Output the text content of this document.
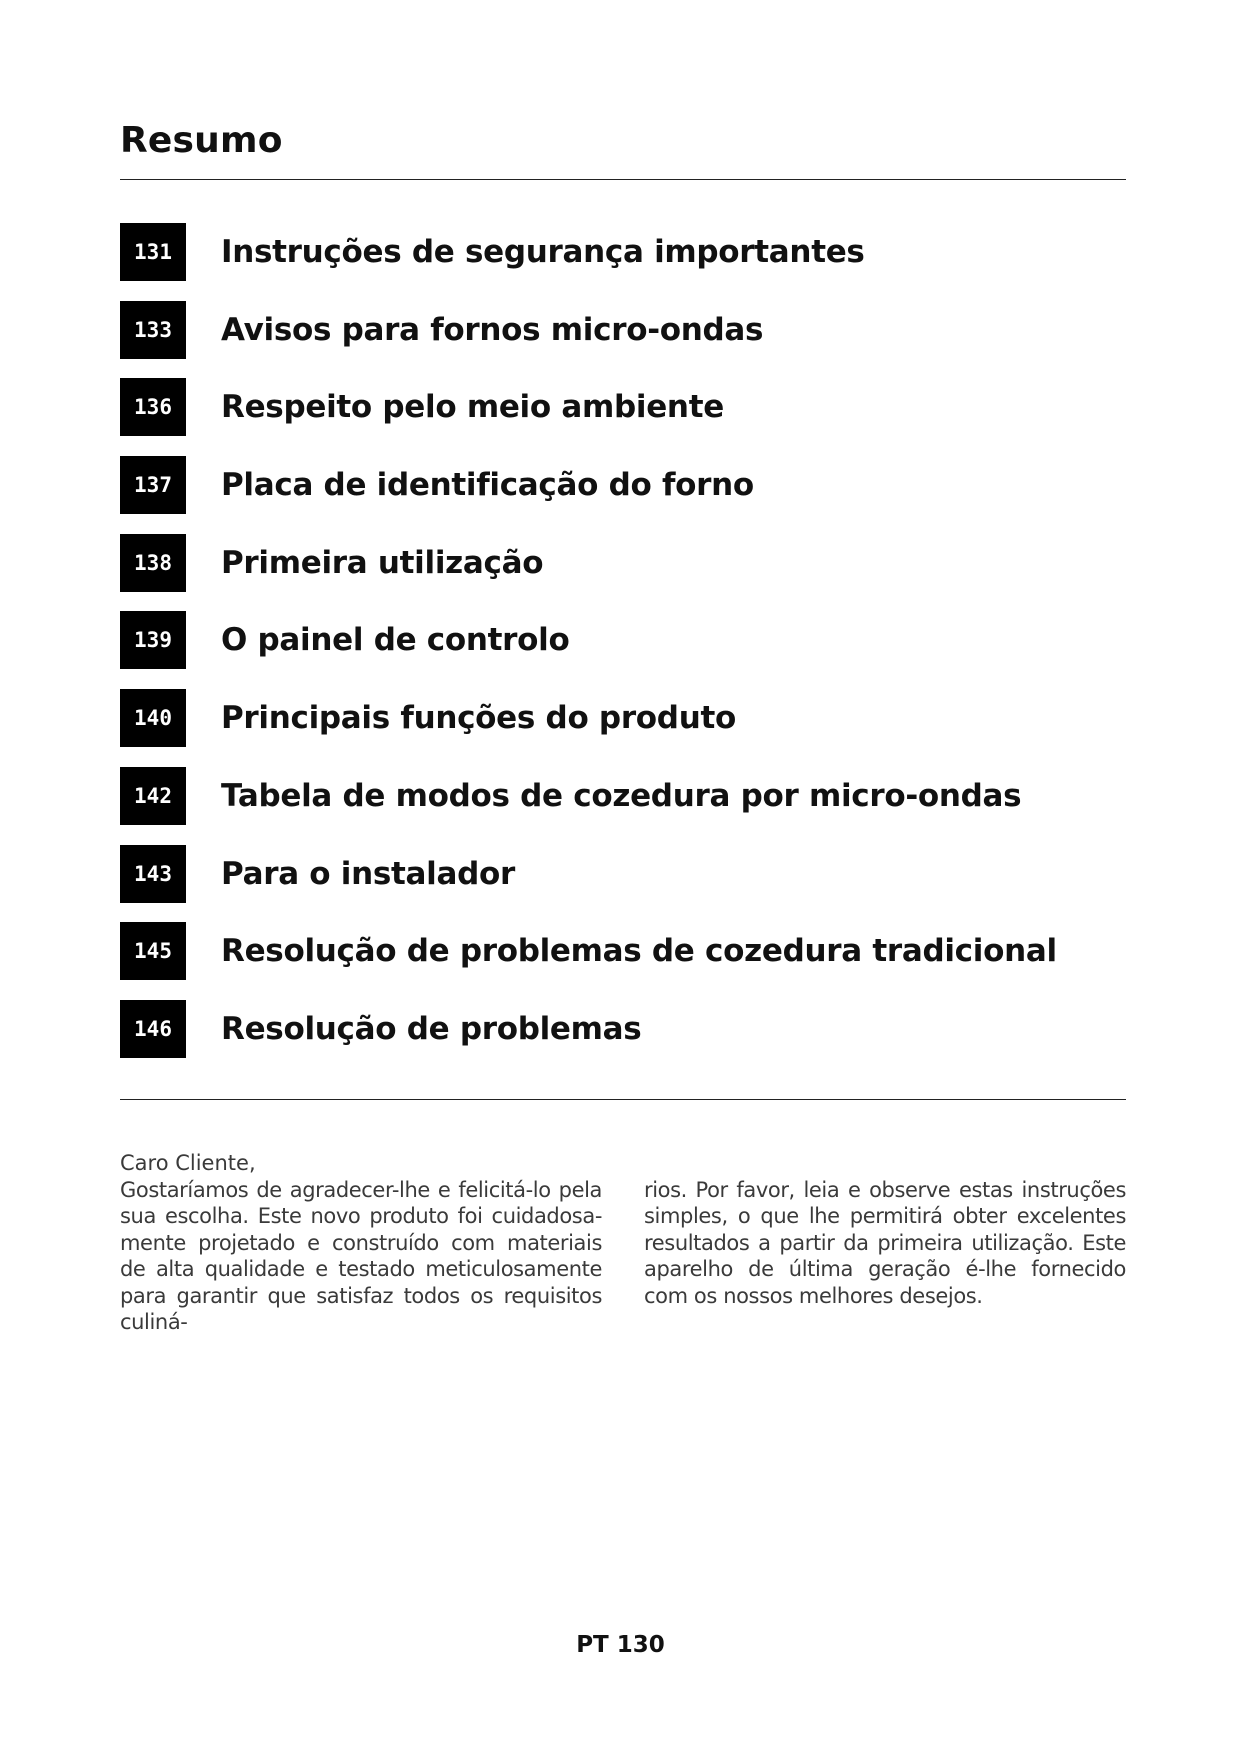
Resumo
131	Instruções de segurança importantes
133	Avisos para fornos micro-ondas
136	Respeito pelo meio ambiente
137	Placa de identificação do forno
138	Primeira utilização
139	O painel de controlo
140	Principais funções do produto
142	Tabela de modos de cozedura por micro-ondas
143	Para o instalador
145	Resolução de problemas de cozedura tradicional
146	Resolução de problemas

Caro Cliente,

Gostaríamos de agradecer-lhe e felicitá-lo pela sua escolha. Este novo produto foi cuidadosa-mente projetado e construído com materiais de alta qualidade e testado meticulosamente para garantir que satisfaz todos os requisitos culiná-

rios. Por favor, leia e observe estas instruções simples, o que lhe permitirá obter excelentes resultados a partir da primeira utilização. Este aparelho de última geração é-lhe fornecido com os nossos melhores desejos.

PT 130
